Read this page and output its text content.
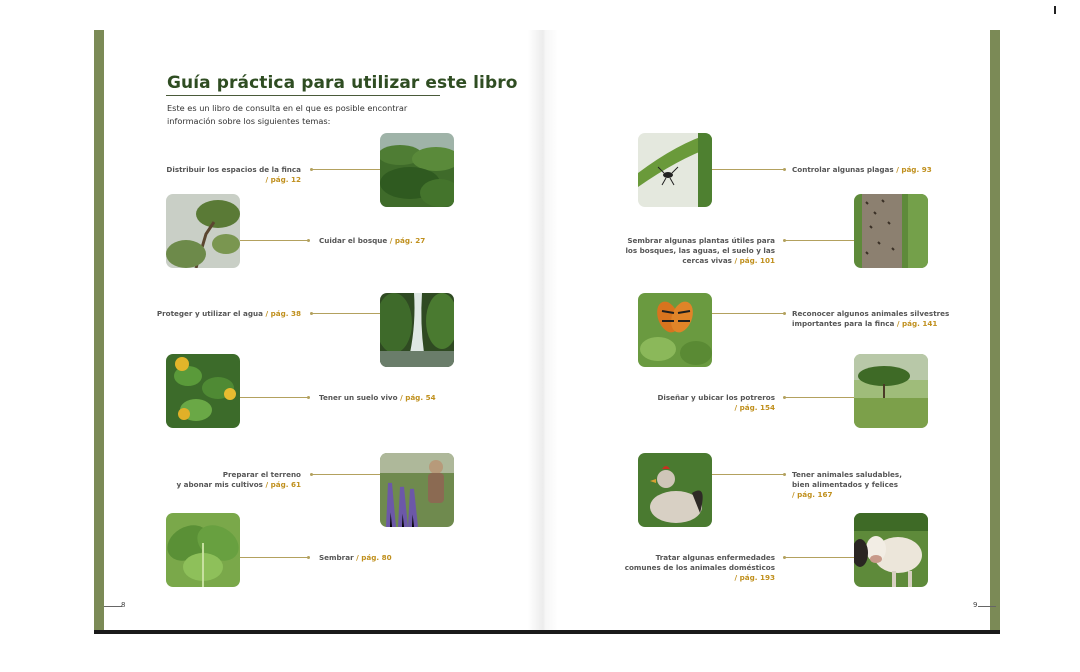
Guía práctica para utilizar este libro
Este es un libro de consulta en el que es posible encontrar información sobre los siguientes temas:
Distribuir los espacios de la finca
/ pág. 12
Cuidar el bosque / pág. 27
Proteger y utilizar el agua / pág. 38
Tener un suelo vivo / pág. 54
Preparar el terreno
y abonar mis cultivos / pág. 61
Sembrar / pág. 80
8
Controlar algunas plagas / pág. 93
Sembrar algunas plantas útiles para
los bosques, las aguas, el suelo y las
cercas vivas / pág. 101
Reconocer algunos animales silvestres
importantes para la finca / pág. 141
Diseñar y ubicar los potreros
/ pág. 154
Tener animales saludables,
bien alimentados y felices
/ pág. 167
Tratar algunas enfermedades
comunes de los animales domésticos
/ pág. 193
9
